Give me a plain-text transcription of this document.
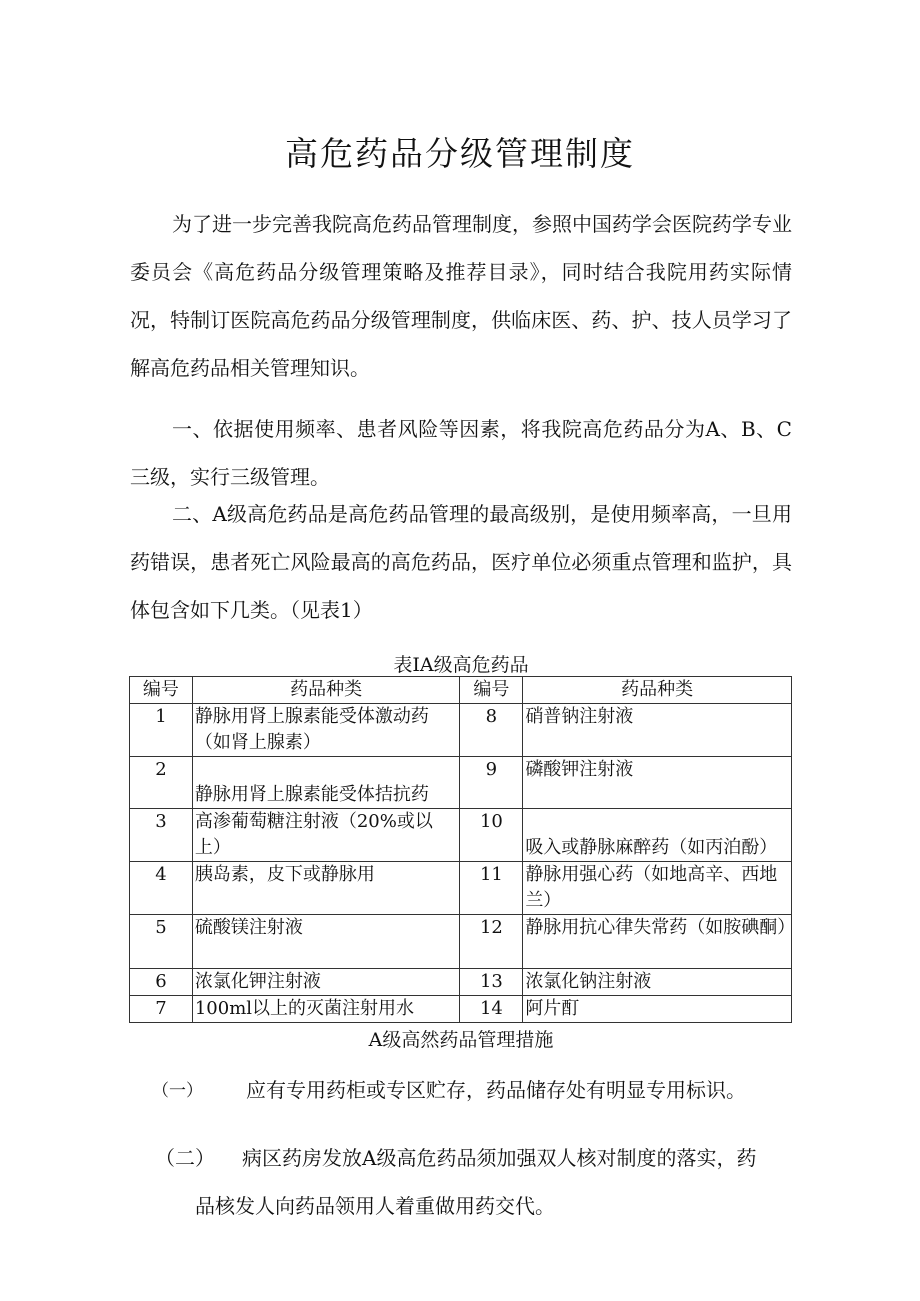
高危药品分级管理制度

为了进一步完善我院高危药品管理制度，参照中国药学会医院药学专业委员会《高危药品分级管理策略及推荐目录》，同时结合我院用药实际情况，特制订医院高危药品分级管理制度，供临床医、药、护、技人员学习了解高危药品相关管理知识。

一、依据使用频率、患者风险等因素，将我院高危药品分为A、B、C三级，实行三级管理。

二、A级高危药品是高危药品管理的最高级别，是使用频率高，一旦用药错误，患者死亡风险最高的高危药品，医疗单位必须重点管理和监护，具体包含如下几类。（见表1）

表IA级高危药品
编号	药品种类	编号	药品种类
1	静脉用肾上腺素能受体激动药（如肾上腺素）	8	硝普钠注射液
2	静脉用肾上腺素能受体拮抗药	9	磷酸钾注射液
3	高渗葡萄糖注射液（20%或以上）	10	吸入或静脉麻醉药（如丙泊酚）
4	胰岛素，皮下或静脉用	11	静脉用强心药（如地高辛、西地兰）
5	硫酸镁注射液	12	静脉用抗心律失常药（如胺碘酮）
6	浓氯化钾注射液	13	浓氯化钠注射液
7	100ml以上的灭菌注射用水	14	阿片酊
A级高然药品管理措施
（一） 应有专用药柜或专区贮存，药品储存处有明显专用标识。
（二） 病区药房发放A级高危药品须加强双人核对制度的落实，药
品核发人向药品领用人着重做用药交代。
